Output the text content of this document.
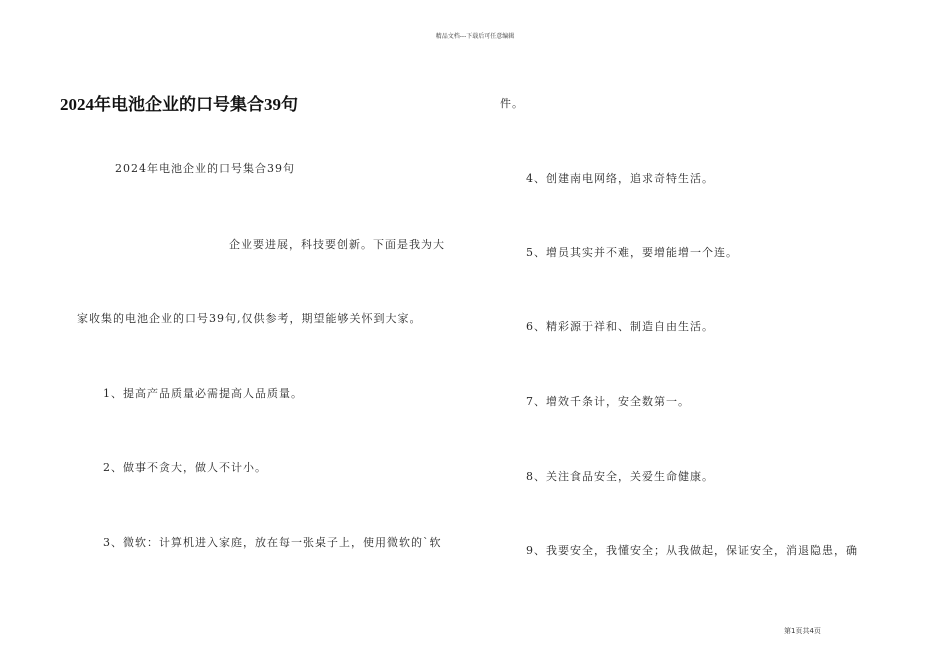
精品文档---下载后可任意编辑
2024年电池企业的口号集合39句
2024年电池企业的口号集合39句
企业要进展，科技要创新。下面是我为大
家收集的电池企业的口号39句,仅供参考，期望能够关怀到大家。
1、提高产品质量必需提高人品质量。
2、做事不贪大，做人不计小。
3、微软：计算机进入家庭，放在每一张桌子上，使用微软的`软
件。
4、创建南电网络，追求奇特生活。
5、增员其实并不难，要增能增一个连。
6、精彩源于祥和、制造自由生活。
7、增效千条计，安全数第一。
8、关注食品安全，关爱生命健康。
9、我要安全，我懂安全；从我做起，保证安全，消退隐患，确
第1页共4页
